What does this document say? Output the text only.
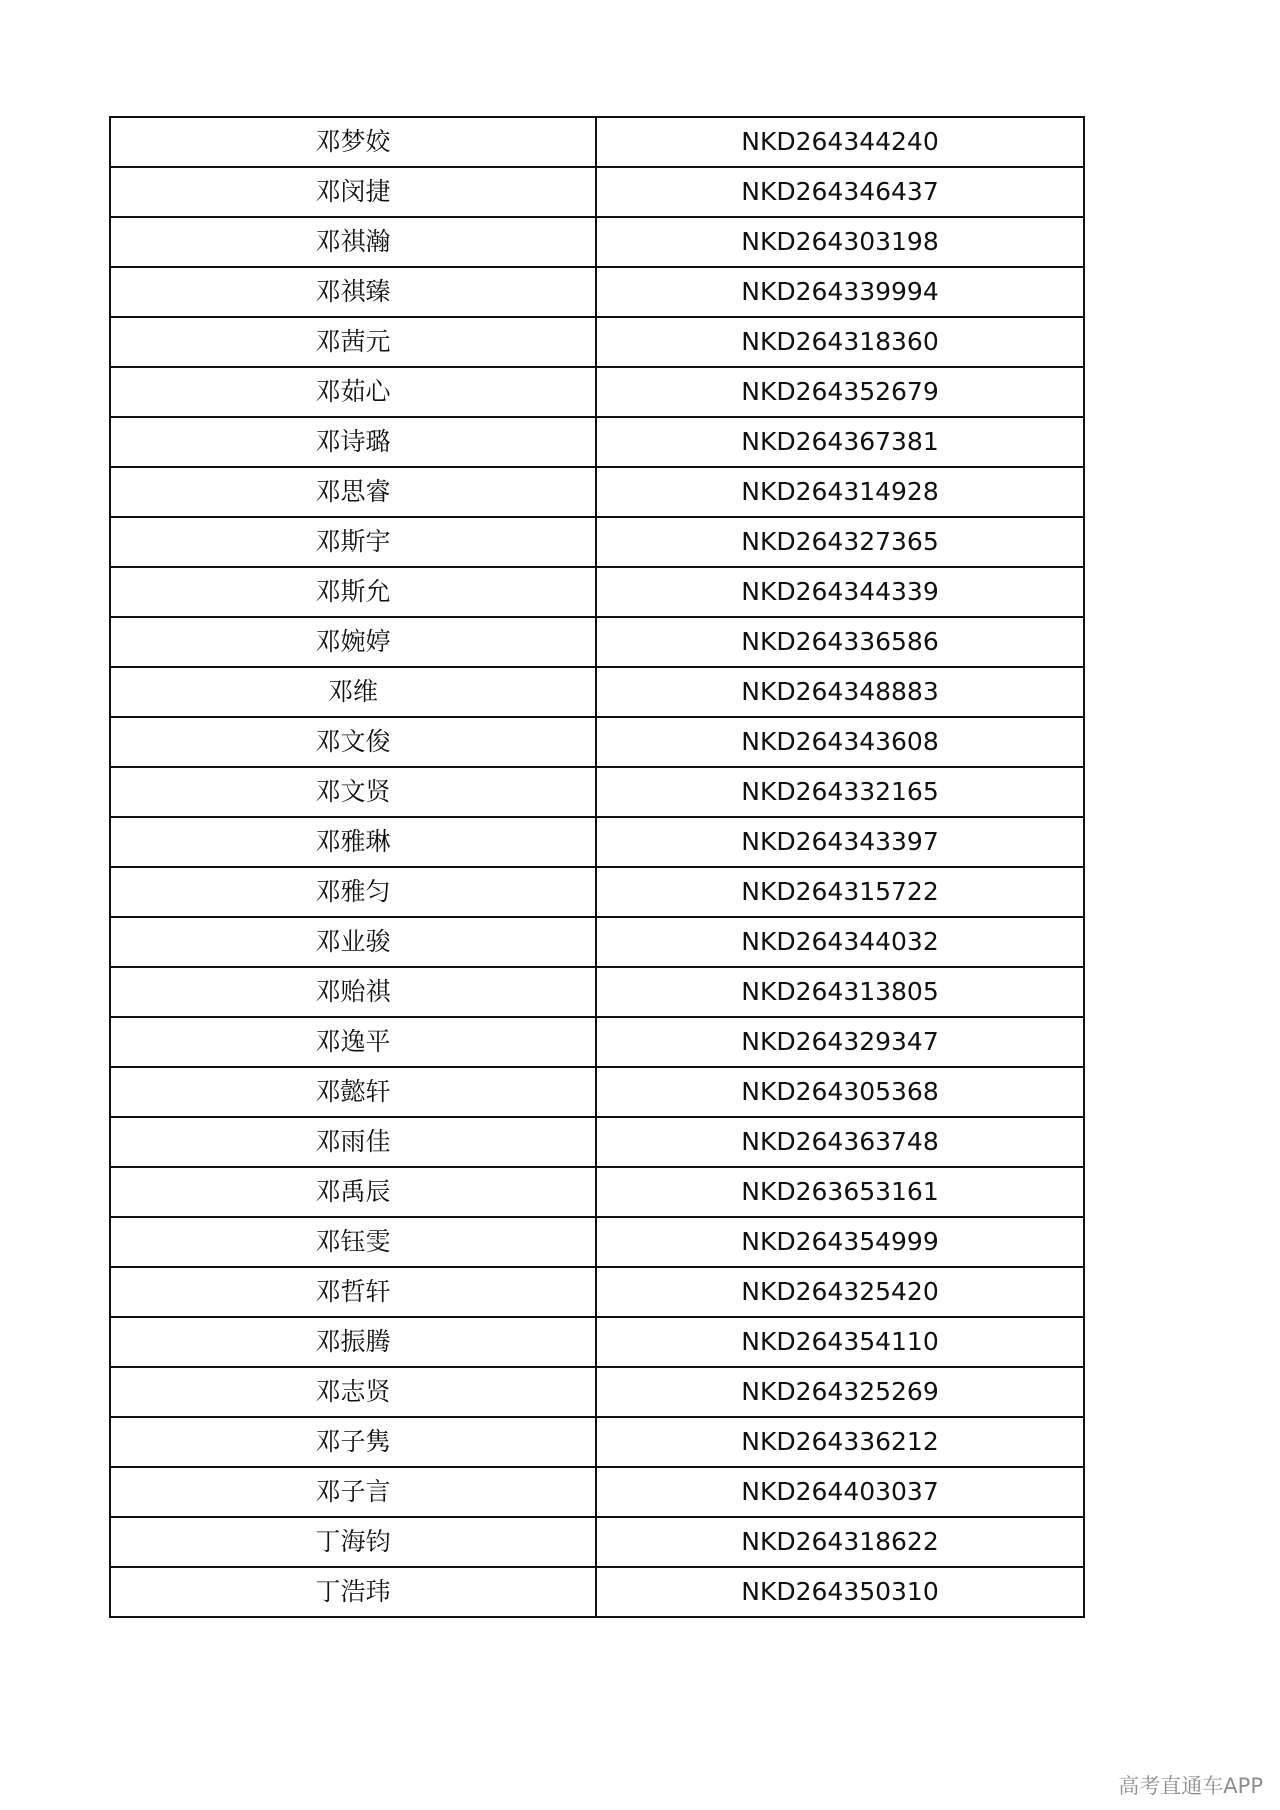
邓梦姣	NKD264344240
邓闵捷	NKD264346437
邓祺瀚	NKD264303198
邓祺臻	NKD264339994
邓茜元	NKD264318360
邓茹心	NKD264352679
邓诗璐	NKD264367381
邓思睿	NKD264314928
邓斯宇	NKD264327365
邓斯允	NKD264344339
邓婉婷	NKD264336586
邓维	NKD264348883
邓文俊	NKD264343608
邓文贤	NKD264332165
邓雅琳	NKD264343397
邓雅匀	NKD264315722
邓业骏	NKD264344032
邓贻祺	NKD264313805
邓逸平	NKD264329347
邓懿轩	NKD264305368
邓雨佳	NKD264363748
邓禹辰	NKD263653161
邓钰雯	NKD264354999
邓哲轩	NKD264325420
邓振腾	NKD264354110
邓志贤	NKD264325269
邓子隽	NKD264336212
邓子言	NKD264403037
丁海钧	NKD264318622
丁浩玮	NKD264350310
高考直通车APP
